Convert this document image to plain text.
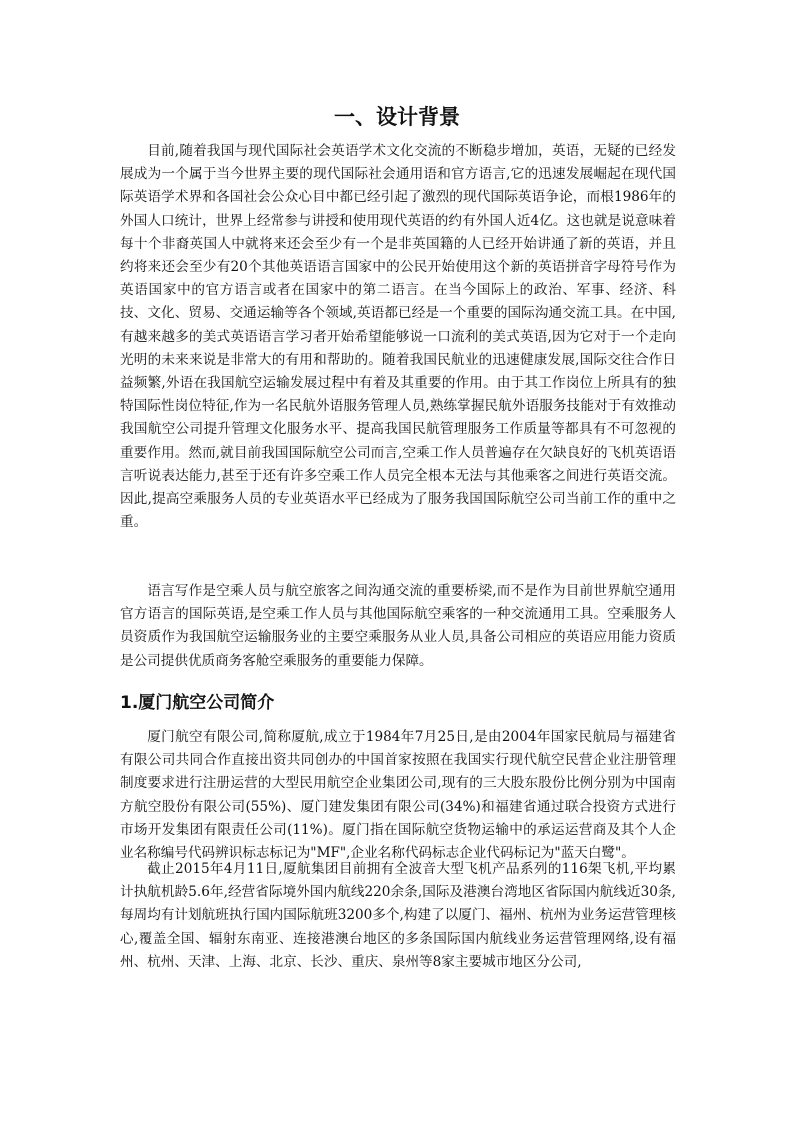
一、设计背景

目前,随着我国与现代国际社会英语学术文化交流的不断稳步增加，英语，无疑的已经发展成为一个属于当今世界主要的现代国际社会通用语和官方语言,它的迅速发展崛起在现代国际英语学术界和各国社会公众心目中都已经引起了激烈的现代国际英语争论，而根1986年的外国人口统计，世界上经常参与讲授和使用现代英语的约有外国人近4亿。这也就是说意味着每十个非裔英国人中就将来还会至少有一个是非英国籍的人已经开始讲通了新的英语，并且约将来还会至少有20个其他英语语言国家中的公民开始使用这个新的英语拼音字母符号作为英语国家中的官方语言或者在国家中的第二语言。在当今国际上的政治、军事、经济、科技、文化、贸易、交通运输等各个领域,英语都已经是一个重要的国际沟通交流工具。在中国,有越来越多的美式英语语言学习者开始希望能够说一口流利的美式英语,因为它对于一个走向光明的未来来说是非常大的有用和帮助的。随着我国民航业的迅速健康发展,国际交往合作日益频繁,外语在我国航空运输发展过程中有着及其重要的作用。由于其工作岗位上所具有的独特国际性岗位特征,作为一名民航外语服务管理人员,熟练掌握民航外语服务技能对于有效推动我国航空公司提升管理文化服务水平、提高我国民航管理服务工作质量等都具有不可忽视的重要作用。然而,就目前我国国际航空公司而言,空乘工作人员普遍存在欠缺良好的飞机英语语言听说表达能力,甚至于还有许多空乘工作人员完全根本无法与其他乘客之间进行英语交流。因此,提高空乘服务人员的专业英语水平已经成为了服务我国国际航空公司当前工作的重中之重。

语言写作是空乘人员与航空旅客之间沟通交流的重要桥梁,而不是作为目前世界航空通用官方语言的国际英语,是空乘工作人员与其他国际航空乘客的一种交流通用工具。空乘服务人员资质作为我国航空运输服务业的主要空乘服务从业人员,具备公司相应的英语应用能力资质是公司提供优质商务客舱空乘服务的重要能力保障。

1.厦门航空公司简介

厦门航空有限公司,简称厦航,成立于1984年7月25日,是由2004年国家民航局与福建省有限公司共同合作直接出资共同创办的中国首家按照在我国实行现代航空民营企业注册管理制度要求进行注册运营的大型民用航空企业集团公司,现有的三大股东股份比例分别为中国南方航空股份有限公司(55%)、厦门建发集团有限公司(34%)和福建省通过联合投资方式进行市场开发集团有限责任公司(11%)。厦门指在国际航空货物运输中的承运运营商及其个人企业名称编号代码辨识标志标记为"MF",企业名称代码标志企业代码标记为"蓝天白鹭"。

截止2015年4月11日,厦航集团目前拥有全波音大型飞机产品系列的116架飞机,平均累计执航机龄5.6年,经营省际境外国内航线220余条,国际及港澳台湾地区省际国内航线近30条,每周均有计划航班执行国内国际航班3200多个,构建了以厦门、福州、杭州为业务运营管理核心,覆盖全国、辐射东南亚、连接港澳台地区的多条国际国内航线业务运营管理网络,设有福州、杭州、天津、上海、北京、长沙、重庆、泉州等8家主要城市地区分公司,
